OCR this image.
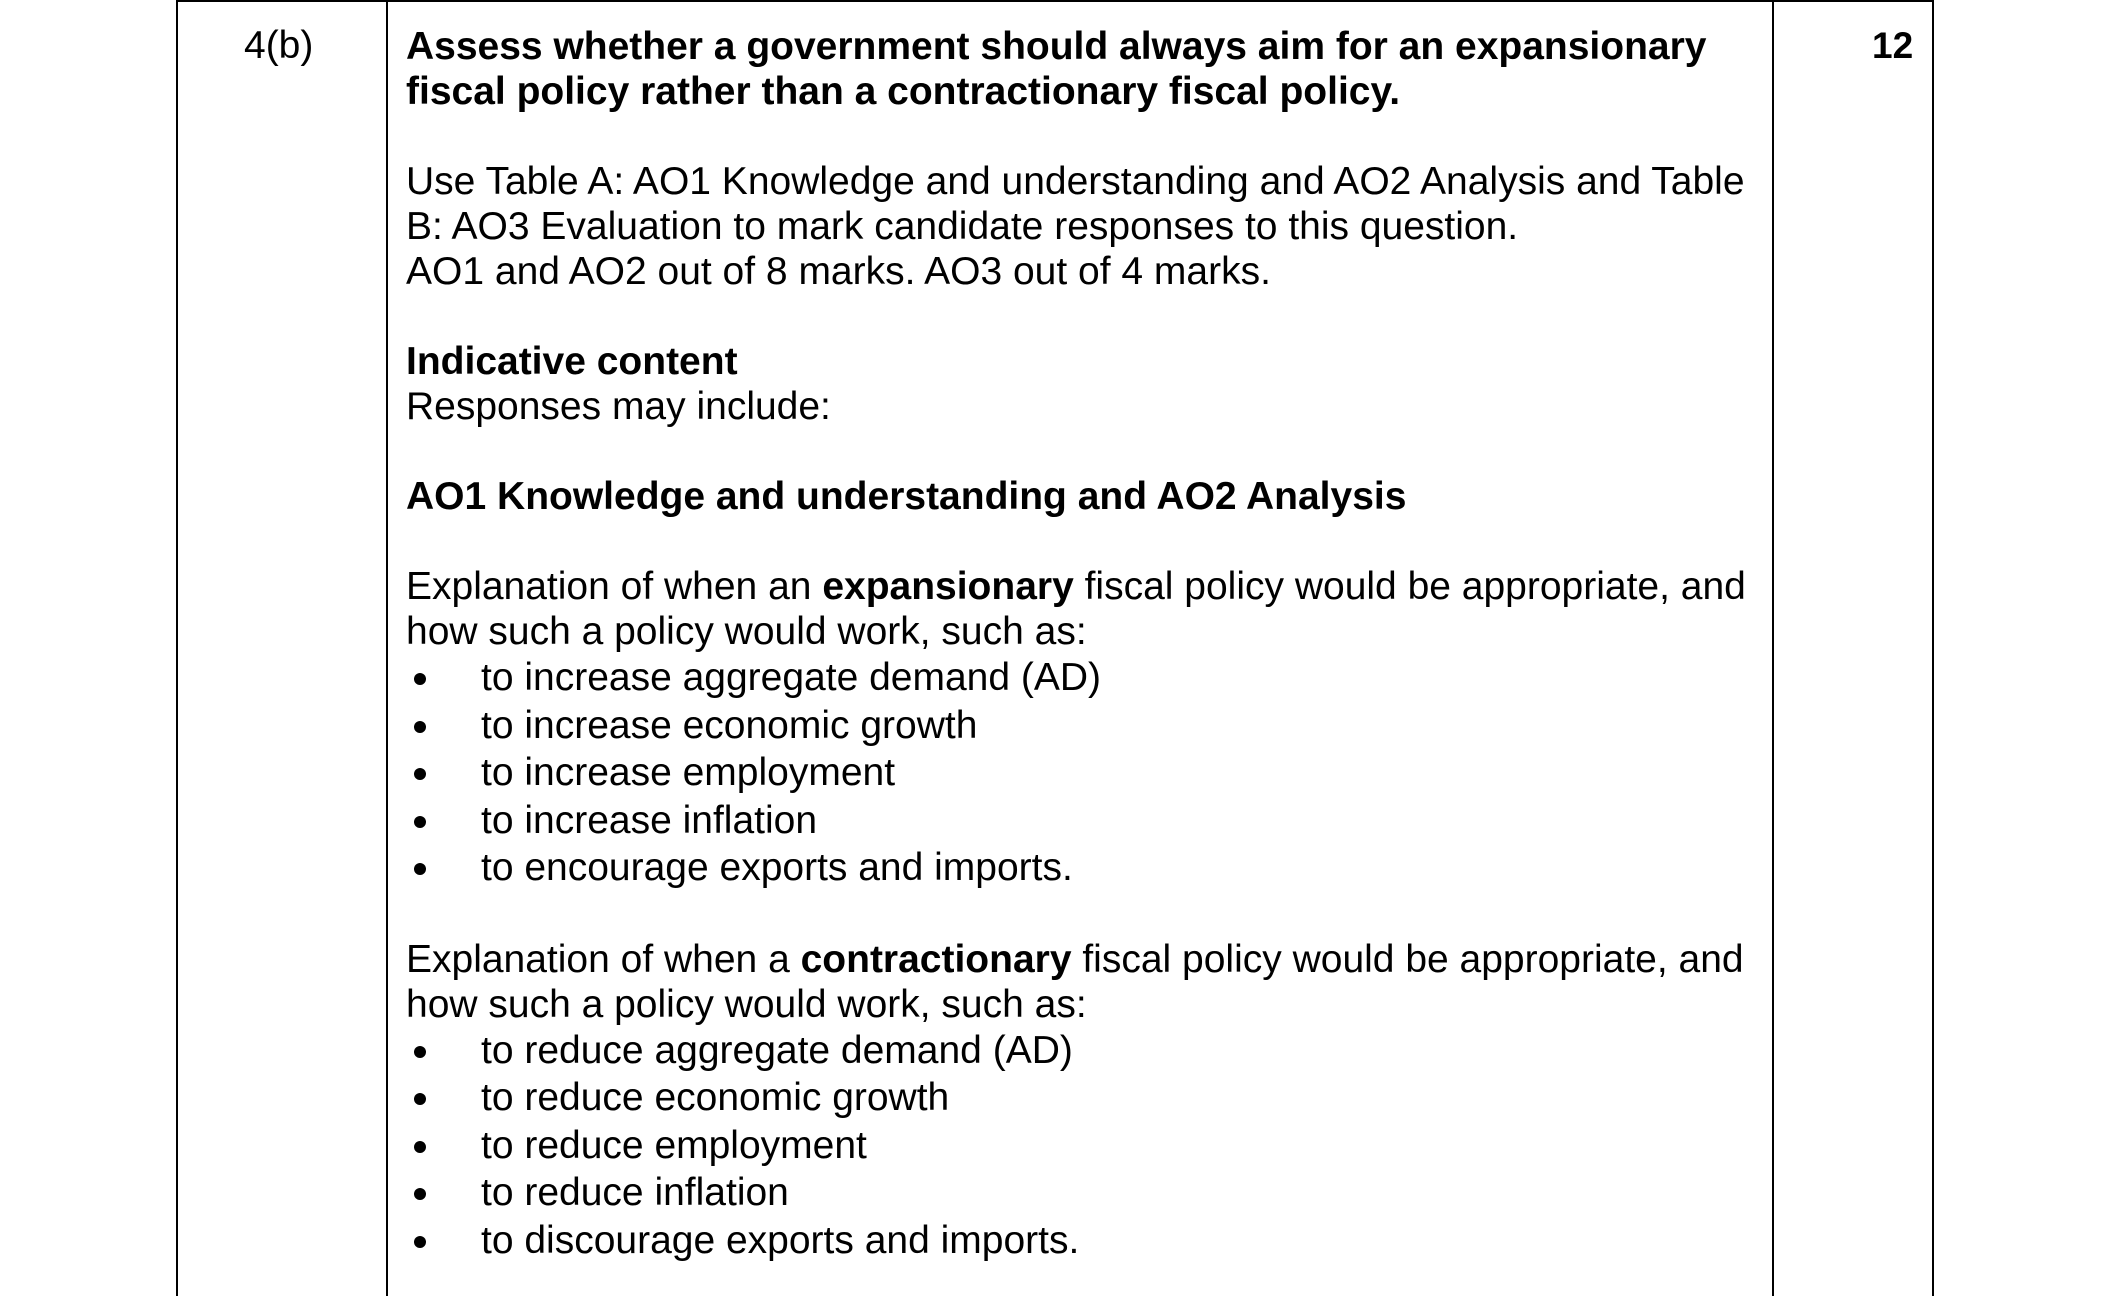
4(b)	12

Assess whether a government should always aim for an expansionary fiscal policy rather than a contractionary fiscal policy.

Use Table A: AO1 Knowledge and understanding and AO2 Analysis and Table B: AO3 Evaluation to mark candidate responses to this question.

AO1 and AO2 out of 8 marks. AO3 out of 4 marks.

Indicative content

Responses may include:

AO1 Knowledge and understanding and AO2 Analysis

Explanation of when an expansionary fiscal policy would be appropriate, and how such a policy would work, such as:

to increase aggregate demand (AD)
to increase economic growth
to increase employment
to increase inflation
to encourage exports and imports.

Explanation of when a contractionary fiscal policy would be appropriate, and how such a policy would work, such as:

to reduce aggregate demand (AD)
to reduce economic growth
to reduce employment
to reduce inflation
to discourage exports and imports.
